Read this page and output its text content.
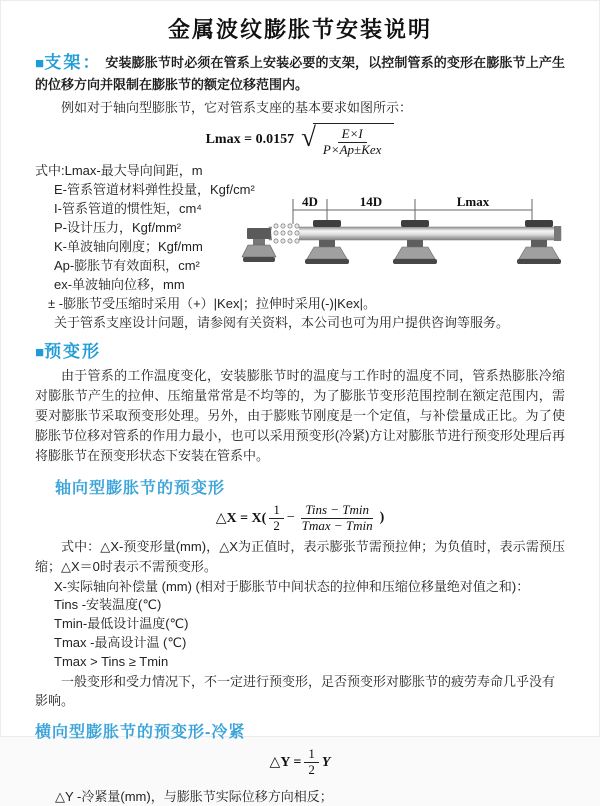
金属波纹膨胀节安装说明

■支架： 安装膨胀节时必须在管系上安装必要的支架，以控制管系的变形在膨胀节上产生的位移方向并限制在膨胀节的额定位移范围内。

例如对于轴向型膨胀节，它对管系支座的基本要求如图所示：

Lmax = 0.0157 √ $\frac{E\times I}{\text{P×Ap±Kex}}$
式中:Lmax-最大导向间距，m
E-管系管道材料弹性投量，Kgf/cm²
I-管系管道的惯性矩，cm⁴
P-设计压力，Kgf/mm²
K-单波轴向刚度；Kgf/mm
Ap-膨胀节有效面积，cm²
ex-单波轴向位移，mm
± -膨胀节受压缩时采用（+）|Kex|；拉伸时采用(-)|Kex|。
关于管系支座设计问题，请参阅有关资料，本公司也可为用户提供咨询等服务。

■预变形

由于管系的工作温度变化，安装膨胀节时的温度与工作时的温度不同，管系热膨胀冷缩对膨胀节产生的拉伸、压缩量常常是不均等的，为了膨胀节变形范围控制在额定范围内，需要对膨胀节采取预变形处理。另外，由于膨账节刚度是一个定值，与补偿量成正比。为了使膨胀节位移对管系的作用力最小，也可以采用预变形(冷紧)方让对膨胀节进行预变形处理后再将膨胀节在预变形状态下安装在管系中。

轴向型膨胀节的预变形
△X = $X( \frac{1}{2} - \frac{\text{Tins − Tmin}}{Tmax - Tmin}$ )

式中：△X-预变形量(mm)，△X为正值时，表示膨张节需预拉伸；为负值时，表示需预压缩；△X＝0时表示不需预变形。

X-实际轴向补偿量 (mm) (相对于膨胀节中间状态的拉伸和压缩位移量绝对值之和)：
Tins -安装温度(℃)
Tmin-最低设计温度(℃)
Tmax -最高设计温 (℃)
Tmax > Tins ≥ Tmin

一般变形和受力情况下，不一定进行预变形，足否预变形对膨胀节的疲劳寿命几乎没有影响。

横向型膨胀节的预变形-冷紧
△Y = $\frac{1}{2}$ Y
△Y -冷紧量(mm)，与膨胀节实际位移方向相反；
4D	14D	Lmax
